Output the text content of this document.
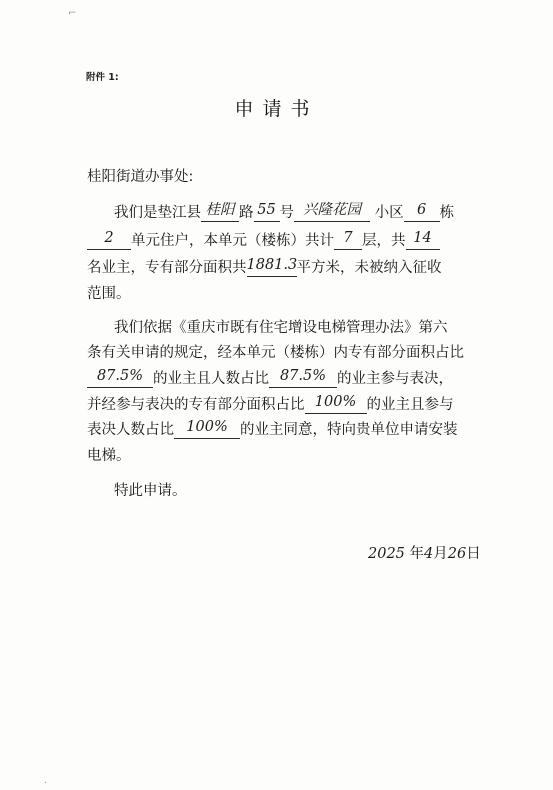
⌐
·
附件 1:
申请书
桂阳街道办事处:
我们是垫江县 桂阳 路 55 号 兴隆花园 小区 6 栋
2 单元住户，本单元（楼栋）共计 7 层，共 14
名业主，专有部分面积共1881.3平方米，未被纳入征收
范围。
我们依据《重庆市既有住宅增设电梯管理办法》第六
条有关申请的规定，经本单元（楼栋）内专有部分面积占比
87.5% 的业主且人数占比 87.5% 的业主参与表决，
并经参与表决的专有部分面积占比 100% 的业主且参与
表决人数占比 100% 的业主同意，特向贵单位申请安装
电梯。
特此申请。
2025 年4月26日
